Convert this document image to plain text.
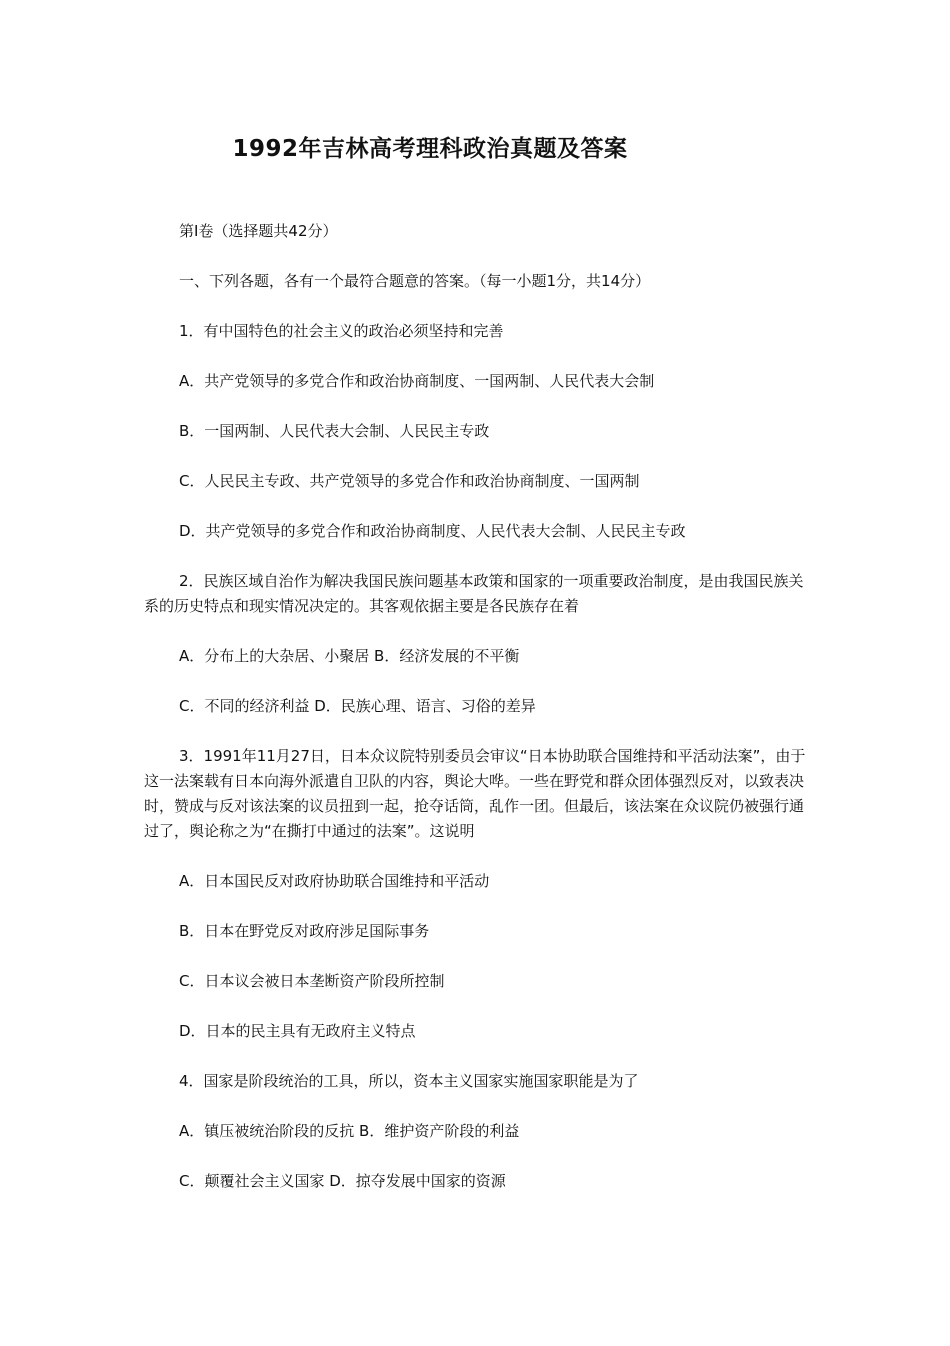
1992年吉林高考理科政治真题及答案

第I卷（选择题共42分）

一、下列各题，各有一个最符合题意的答案。（每一小题1分，共14分）

1．有中国特色的社会主义的政治必须坚持和完善

A．共产党领导的多党合作和政治协商制度、一国两制、人民代表大会制

B．一国两制、人民代表大会制、人民民主专政

C．人民民主专政、共产党领导的多党合作和政治协商制度、一国两制

D．共产党领导的多党合作和政治协商制度、人民代表大会制、人民民主专政

2．民族区域自治作为解决我国民族问题基本政策和国家的一项重要政治制度，是由我国民族关系的历史特点和现实情况决定的。其客观依据主要是各民族存在着

A．分布上的大杂居、小聚居 B．经济发展的不平衡

C．不同的经济利益 D．民族心理、语言、习俗的差异

3．1991年11月27日，日本众议院特别委员会审议“日本协助联合国维持和平活动法案”，由于这一法案载有日本向海外派遣自卫队的内容，舆论大哗。一些在野党和群众团体强烈反对，以致表决时，赞成与反对该法案的议员扭到一起，抢夺话筒，乱作一团。但最后，该法案在众议院仍被强行通过了，舆论称之为“在撕打中通过的法案”。这说明

A．日本国民反对政府协助联合国维持和平活动

B．日本在野党反对政府涉足国际事务

C．日本议会被日本垄断资产阶段所控制

D．日本的民主具有无政府主义特点

4．国家是阶段统治的工具，所以，资本主义国家实施国家职能是为了

A．镇压被统治阶段的反抗 B．维护资产阶段的利益

C．颠覆社会主义国家 D．掠夺发展中国家的资源
